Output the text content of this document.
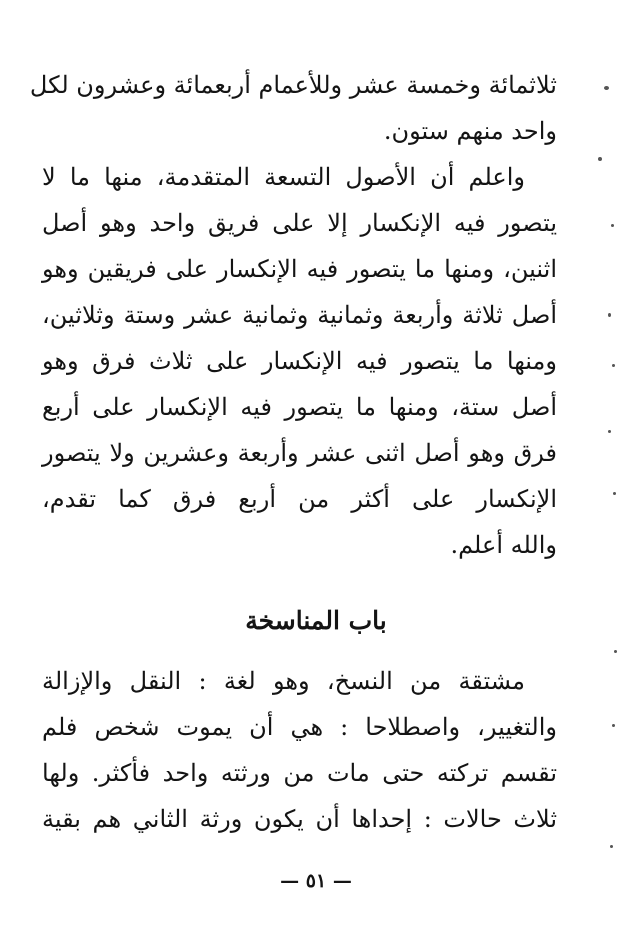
ثلاثمائة وخمسة عشر وللأعمام أربعمائة وعشرون لكل
واحد منهم ستون.
واعلم أن الأصول التسعة المتقدمة، منها ما لا
يتصور فيه الإنكسار إلا على فريق واحد وهو أصل
اثنين، ومنها ما يتصور فيه الإنكسار على فريقين وهو
أصل ثلاثة وأربعة وثمانية وثمانية عشر وستة وثلاثين،
ومنها ما يتصور فيه الإنكسار على ثلاث فرق وهو
أصل ستة، ومنها ما يتصور فيه الإنكسار على أربع
فرق وهو أصل اثنى عشر وأربعة وعشرين ولا يتصور
الإنكسار على أكثر من أربع فرق كما تقدم،
والله أعلم.
باب المناسخة
مشتقة من النسخ، وهو لغة : النقل والإزالة
والتغيير، واصطلاحا : هي أن يموت شخص فلم
تقسم تركته حتى مات من ورثته واحد فأكثر. ولها
ثلاث حالات : إحداها أن يكون ورثة الثاني هم بقية
— ٥١ —
